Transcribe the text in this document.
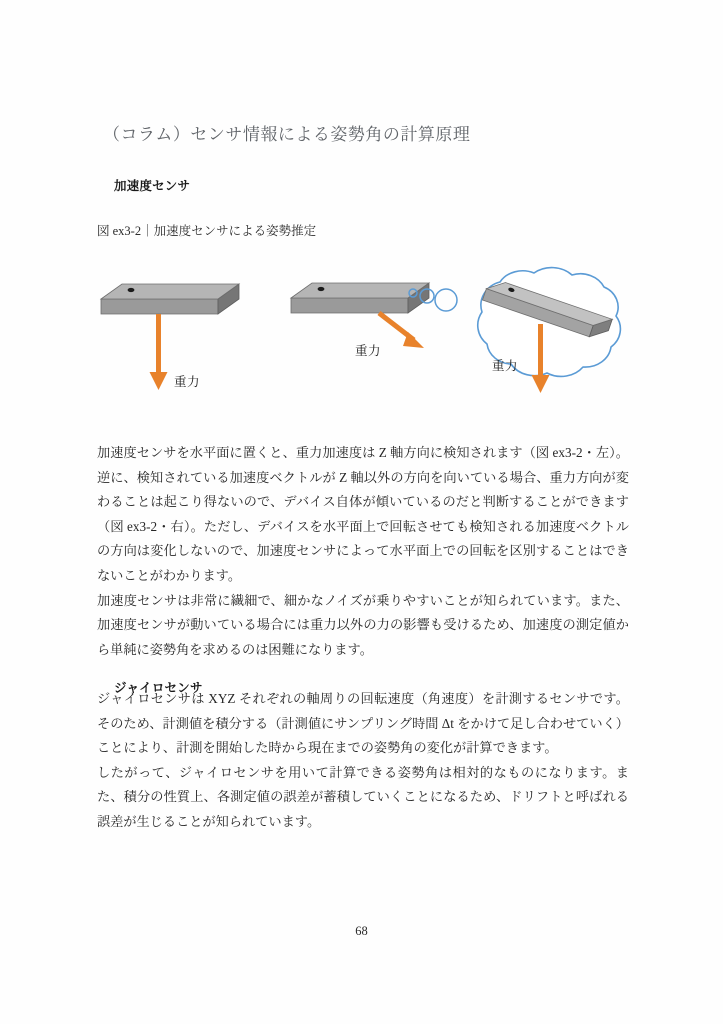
（コラム）センサ情報による姿勢角の計算原理
加速度センサ
図 ex3-2｜加速度センサによる姿勢推定
重力
重力
重力

加速度センサを水平面に置くと、重力加速度は Z 軸方向に検知されます（図 ex3-2・左）。逆に、検知されている加速度ベクトルが Z 軸以外の方向を向いている場合、重力方向が変わることは起こり得ないので、デバイス自体が傾いているのだと判断することができます（図 ex3-2・右）。ただし、デバイスを水平面上で回転させても検知される加速度ベクトルの方向は変化しないので、加速度センサによって水平面上での回転を区別することはできないことがわかります。

加速度センサは非常に繊細で、細かなノイズが乗りやすいことが知られています。また、加速度センサが動いている場合には重力以外の力の影響も受けるため、加速度の測定値から単純に姿勢角を求めるのは困難になります。

ジャイロセンサ

ジャイロセンサは XYZ それぞれの軸周りの回転速度（角速度）を計測するセンサです。そのため、計測値を積分する（計測値にサンプリング時間 Δt をかけて足し合わせていく）ことにより、計測を開始した時から現在までの姿勢角の変化が計算できます。

したがって、ジャイロセンサを用いて計算できる姿勢角は相対的なものになります。また、積分の性質上、各測定値の誤差が蓄積していくことになるため、ドリフトと呼ばれる誤差が生じることが知られています。

68
